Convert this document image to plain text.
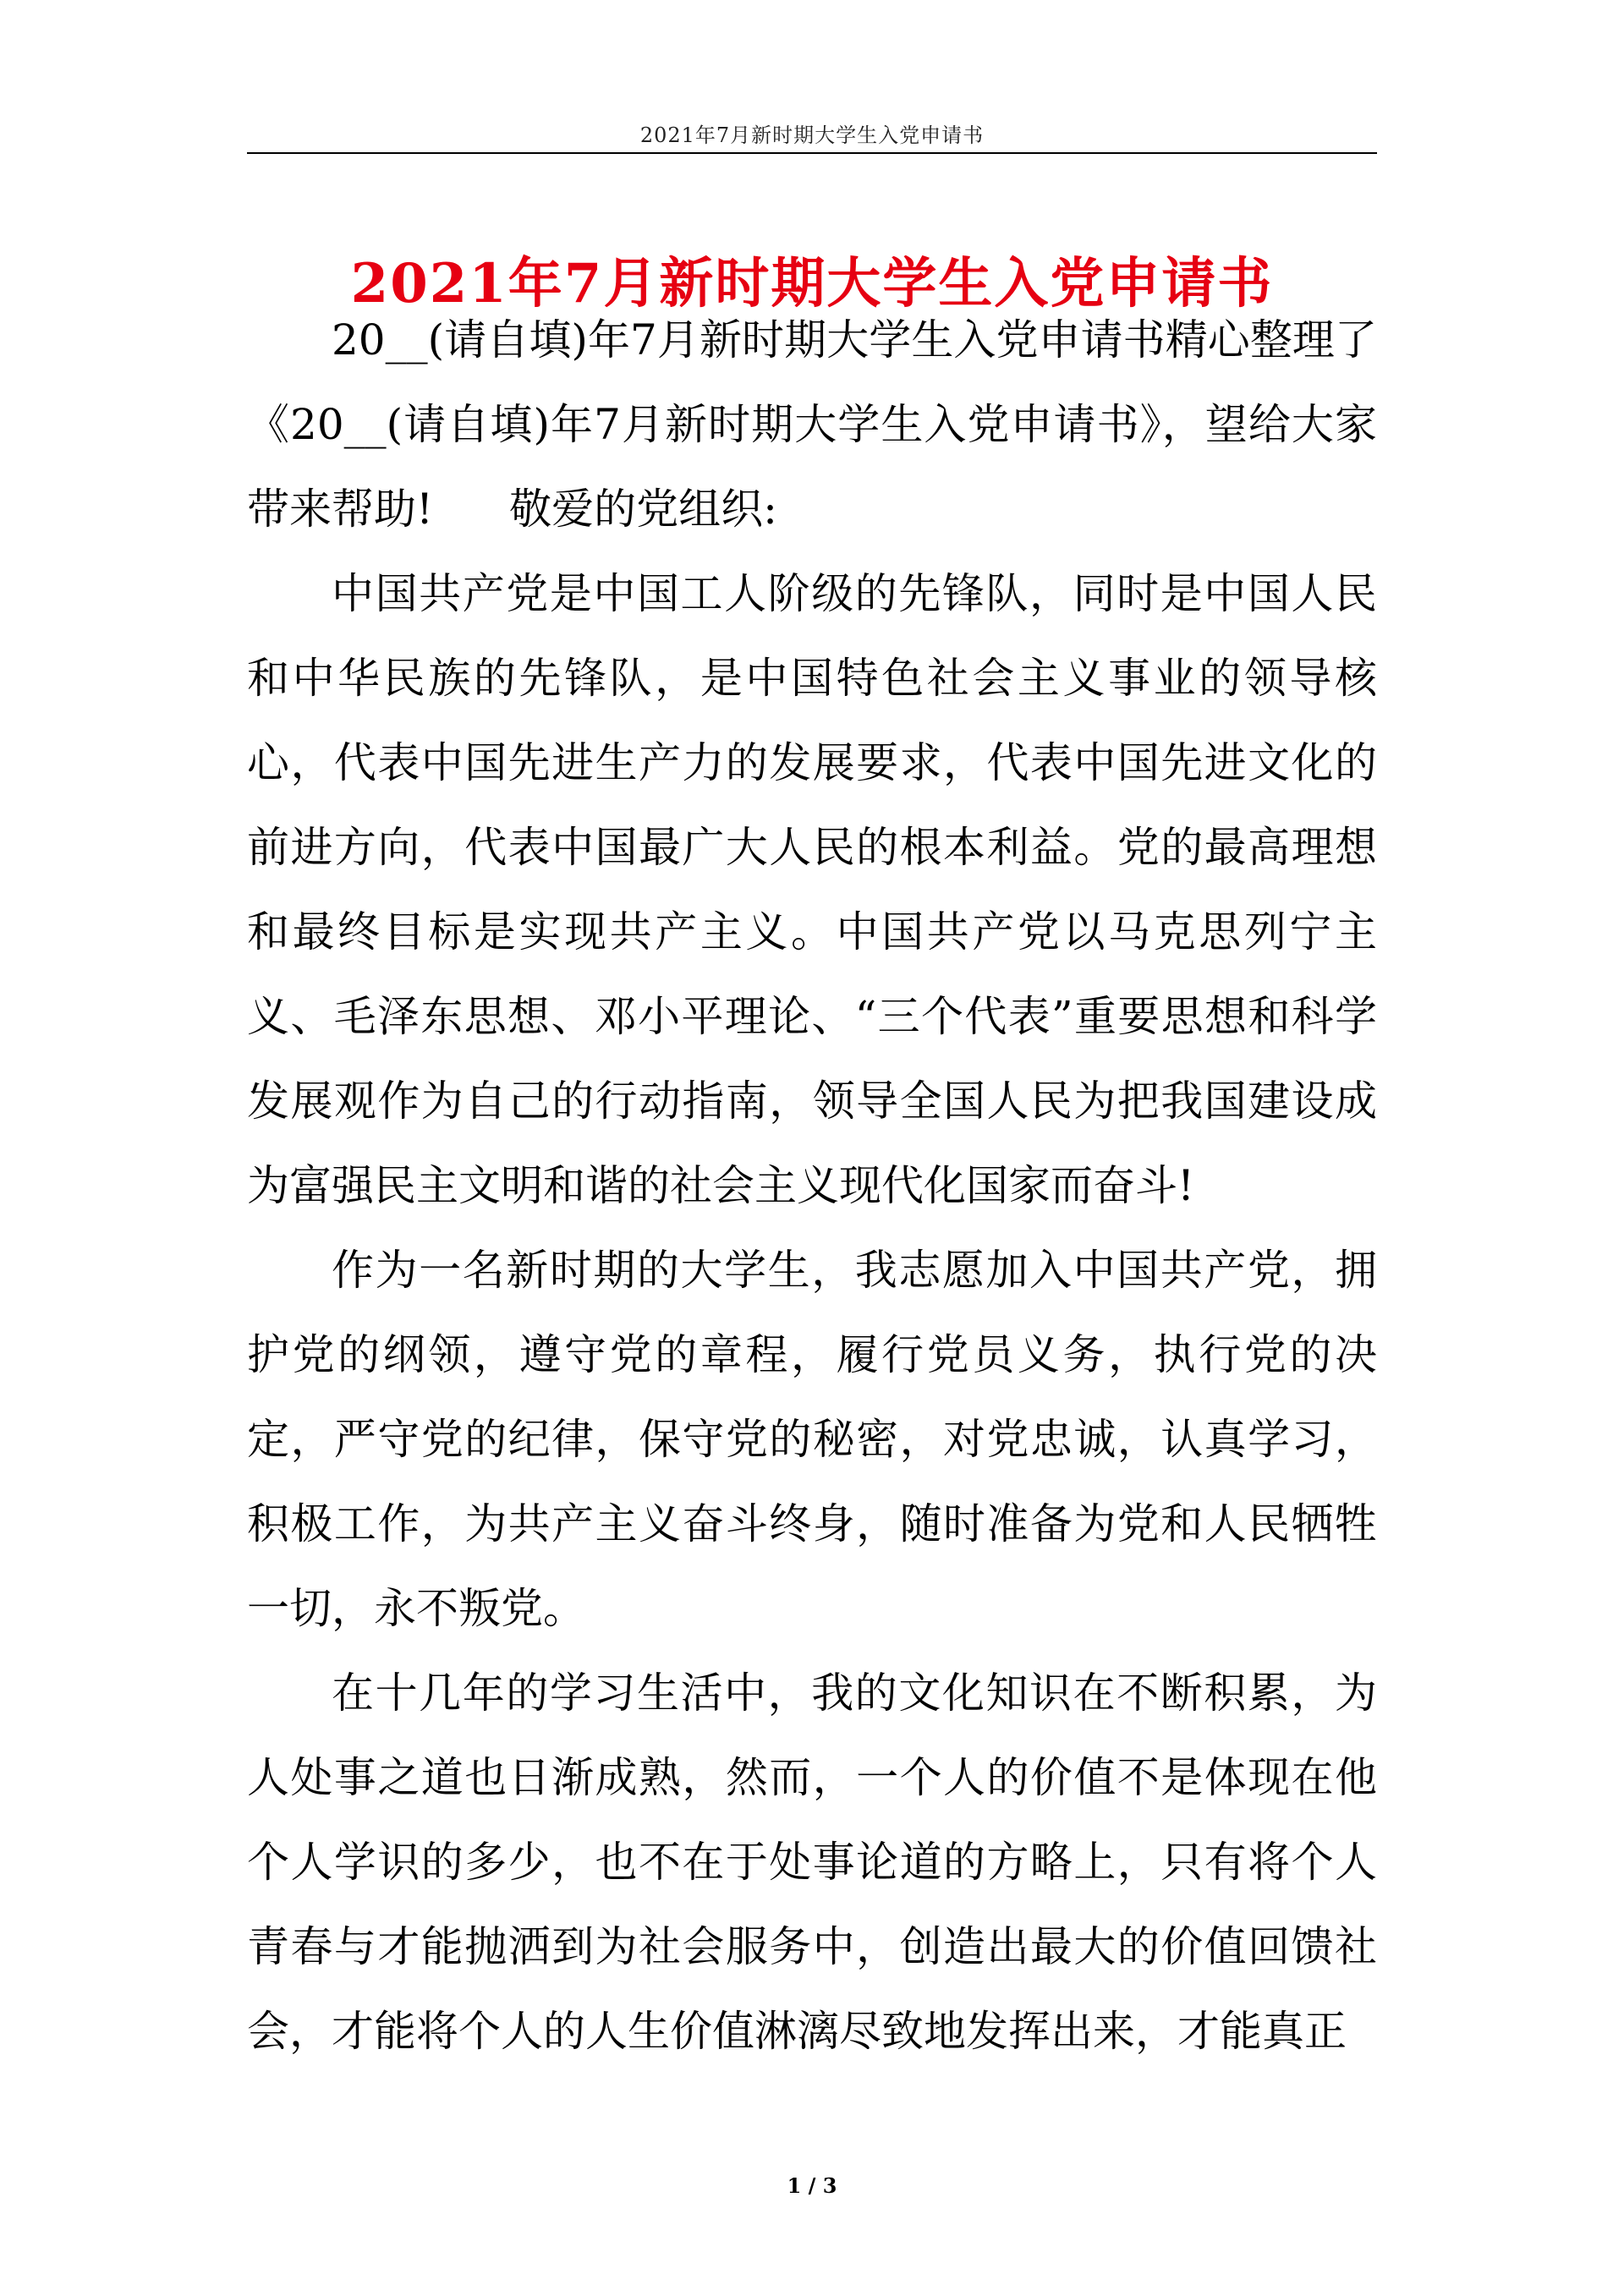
2021年7月新时期大学生入党申请书
2021年7月新时期大学生入党申请书

20__(请自填)年7月新时期大学生入党申请书精心整理了《20__(请自填)年7月新时期大学生入党申请书》，望给大家带来帮助! 敬爱的党组织:

中国共产党是中国工人阶级的先锋队，同时是中国人民和中华民族的先锋队，是中国特色社会主义事业的领导核心，代表中国先进生产力的发展要求，代表中国先进文化的前进方向，代表中国最广大人民的根本利益。党的最高理想和最终目标是实现共产主义。中国共产党以马克思列宁主义、毛泽东思想、邓小平理论、“三个代表”重要思想和科学发展观作为自己的行动指南，领导全国人民为把我国建设成为富强民主文明和谐的社会主义现代化国家而奋斗!

作为一名新时期的大学生，我志愿加入中国共产党，拥护党的纲领，遵守党的章程，履行党员义务，执行党的决定，严守党的纪律，保守党的秘密，对党忠诚，认真学习，积极工作，为共产主义奋斗终身，随时准备为党和人民牺牲一切，永不叛党。

在十几年的学习生活中，我的文化知识在不断积累，为人处事之道也日渐成熟，然而，一个人的价值不是体现在他个人学识的多少，也不在于处事论道的方略上，只有将个人青春与才能抛洒到为社会服务中，创造出最大的价值回馈社会，才能将个人的人生价值淋漓尽致地发挥出来，才能真正

1 / 3
